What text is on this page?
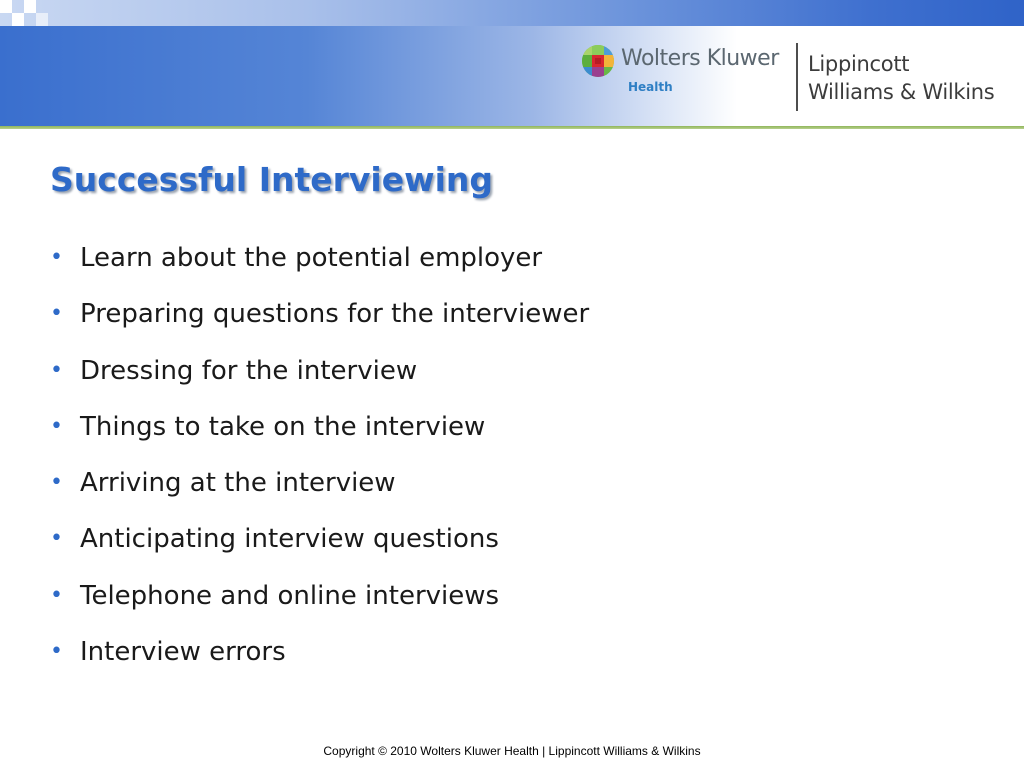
Wolters Kluwer
Health
Lippincott
Williams & Wilkins
Successful Interviewing
• Learn about the potential employer
• Preparing questions for the interviewer
• Dressing for the interview
• Things to take on the interview
• Arriving at the interview
• Anticipating interview questions
• Telephone and online interviews
• Interview errors
Copyright © 2010 Wolters Kluwer Health | Lippincott Williams & Wilkins
